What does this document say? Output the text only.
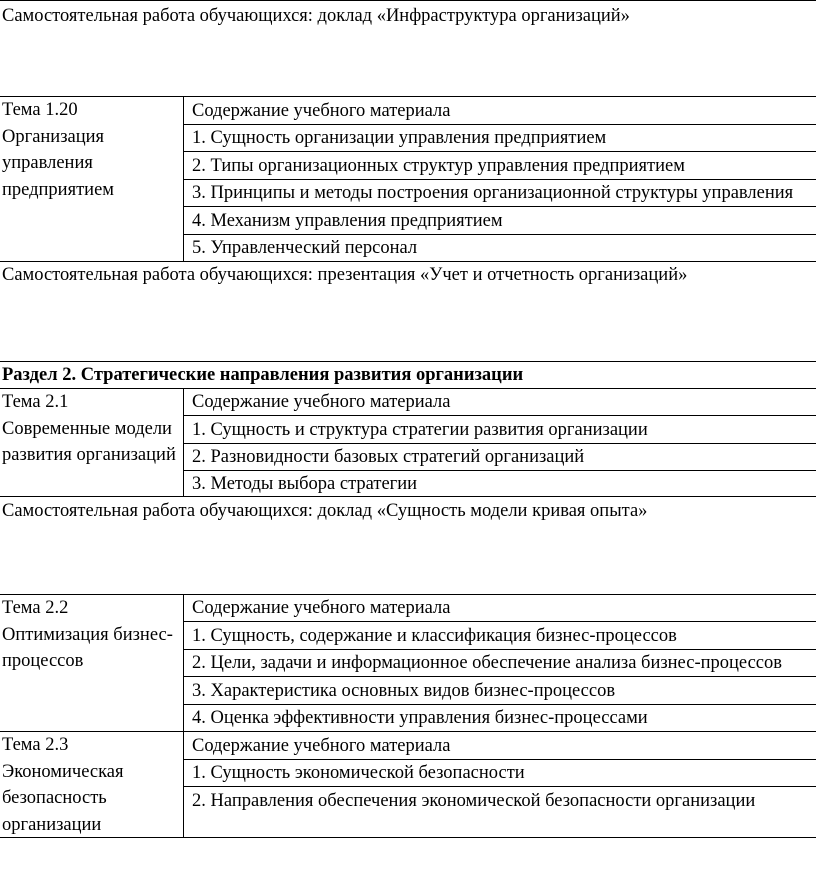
Самостоятельная работа обучающихся: доклад «Инфраструктура организаций»
Тема 1.20
Организация управления предприятием
Содержание учебного материала
1. Сущность организации управления предприятием
2. Типы организационных структур управления предприятием
3. Принципы и методы построения организационной структуры управления
4. Механизм управления предприятием
5. Управленческий персонал
Самостоятельная работа обучающихся: презентация «Учет и отчетность организаций»
Раздел 2. Стратегические направления развития организации
Тема 2.1
Современные модели развития организаций
Содержание учебного материала
1. Сущность и структура стратегии развития организации
2. Разновидности базовых стратегий организаций
3. Методы выбора стратегии
Самостоятельная работа обучающихся: доклад «Сущность модели кривая опыта»
Тема 2.2
Оптимизация бизнес-процессов
Содержание учебного материала
1. Сущность, содержание и классификация бизнес-процессов
2. Цели, задачи и информационное обеспечение анализа бизнес-процессов
3. Характеристика основных видов бизнес-процессов
4. Оценка эффективности управления бизнес-процессами
Тема 2.3
Экономическая безопасность организации
Содержание учебного материала
1. Сущность экономической безопасности
2. Направления обеспечения экономической безопасности организации
